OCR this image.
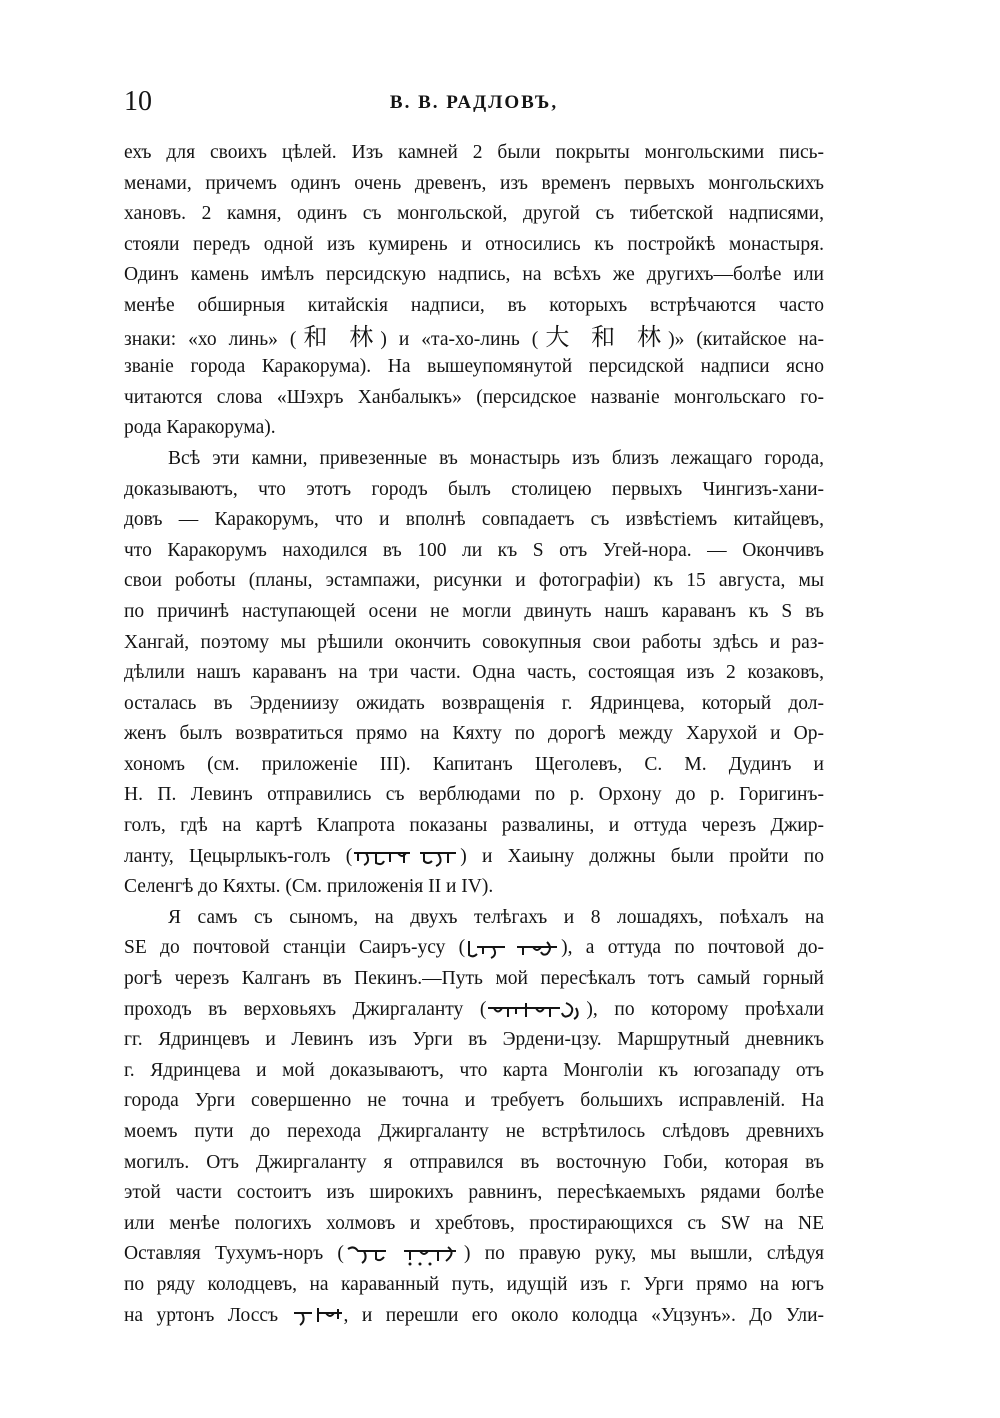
10	В. В. РАДЛОВЪ,
ехъ для своихъ цѣлей. Изъ камней 2 были покрыты монгольскими пись-
менами, причемъ одинъ очень древенъ, изъ временъ первыхъ монгольскихъ
хановъ. 2 камня, одинъ съ монгольской, другой съ тибетской надписями,
стояли передъ одной изъ кумирень и относились къ постройкѣ монастыря.
Одинъ камень имѣлъ персидскую надпись, на всѣхъ же другихъ—болѣе или
менѣе обширныя китайскія надписи, въ которыхъ встрѣчаются часто
знаки: «хо линь» (和 林) и «та-хо-линь (大 和 林)» (китайское на-
званіе города Каракорума). На вышеупомянутой персидской надписи ясно
читаются слова «Шэхръ Ханбалыкъ» (персидское названіе монгольскаго го-
рода Каракорума).
Всѣ эти камни, привезенные въ монастырь изъ близъ лежащаго города,
доказываютъ, что этотъ городъ былъ столицею первыхъ Чингизъ-хани-
довъ — Каракорумъ, что и вполнѣ совпадаетъ съ извѣстіемъ китайцевъ,
что Каракорумъ находился въ 100 ли къ S отъ Угей-нора. — Окончивъ
свои роботы (планы, эстампажи, рисунки и фотографіи) къ 15 августа, мы
по причинѣ наступающей осени не могли двинуть нашъ караванъ къ S въ
Хангай, поэтому мы рѣшили окончить совокупныя свои работы здѣсь и раз-
дѣлили нашъ караванъ на три части. Одна часть, состоящая изъ 2 козаковъ,
осталась въ Эрдениизу ожидать возвращенія г. Ядринцева, который дол-
женъ былъ возвратиться прямо на Кяхту по дорогѣ между Харухой и Ор-
хономъ (см. приложеніе III). Капитанъ Щеголевъ, С. М. Дудинъ и
Н. П. Левинъ отправились съ верблюдами по р. Орхону до р. Горигинъ-
голъ, гдѣ на картѣ Клапрота показаны развалины, и оттуда черезъ Джир-
ланту, Цецырлыкъ-голъ (	) и Хаиыну должны были пройти по
Селенгѣ до Кяхты. (См. приложенія II и IV).
Я самъ съ сыномъ, на двухъ телѣгахъ и 8 лошадяхъ, поѣхалъ на
SE до почтовой станціи Саиръ-усу (	), а оттуда по почтовой до-
рогѣ черезъ Калганъ въ Пекинъ.—Путь мой пересѣкалъ тотъ самый горный
проходъ въ верховьяхъ Джиргаланту (	), по которому проѣхали
гг. Ядринцевъ и Левинъ изъ Урги въ Эрдени-цзу. Маршрутный дневникъ
г. Ядринцева и мой доказываютъ, что карта Монголіи къ югозападу отъ
города Урги совершенно не точна и требуетъ большихъ исправленій. На
моемъ пути до перехода Джиргаланту не встрѣтилось слѣдовъ древнихъ
могилъ. Отъ Джиргаланту я отправился въ восточную Гоби, которая въ
этой части состоитъ изъ широкихъ равнинъ, пересѣкаемыхъ рядами болѣе
или менѣе пологихъ холмовъ и хребтовъ, простирающихся съ SW на NE
Оставляя Тухумъ-норъ (	) по правую руку, мы вышли, слѣдуя
по ряду колодцевъ, на караванный путь, идущій изъ г. Урги прямо на югъ
на уртонъ Лоссъ	, и перешли его около колодца «Уцзунъ». До Ули-
